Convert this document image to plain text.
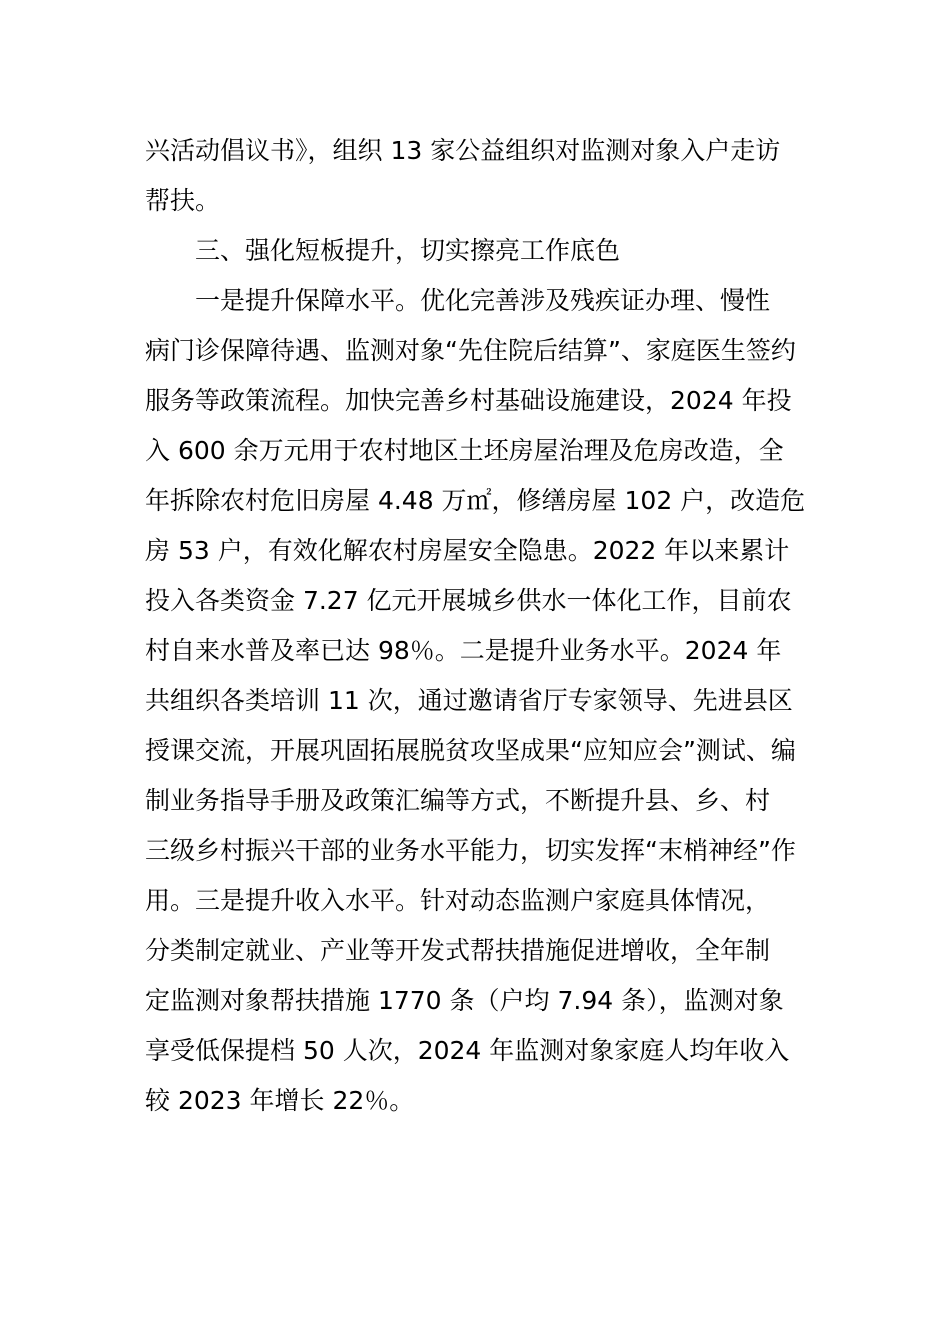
兴活动倡议书》，组织 13 家公益组织对监测对象入户走访
帮扶。
三、强化短板提升，切实擦亮工作底色
一是提升保障水平。优化完善涉及残疾证办理、慢性
病门诊保障待遇、监测对象“先住院后结算”、家庭医生签约
服务等政策流程。加快完善乡村基础设施建设，2024 年投
入 600 余万元用于农村地区土坯房屋治理及危房改造，全
年拆除农村危旧房屋 4.48 万㎡，修缮房屋 102 户，改造危
房 53 户，有效化解农村房屋安全隐患。2022 年以来累计
投入各类资金 7.27 亿元开展城乡供水一体化工作，目前农
村自来水普及率已达 98％。二是提升业务水平。2024 年
共组织各类培训 11 次，通过邀请省厅专家领导、先进县区
授课交流，开展巩固拓展脱贫攻坚成果“应知应会”测试、编
制业务指导手册及政策汇编等方式，不断提升县、乡、村
三级乡村振兴干部的业务水平能力，切实发挥“末梢神经”作
用。三是提升收入水平。针对动态监测户家庭具体情况，
分类制定就业、产业等开发式帮扶措施促进增收，全年制
定监测对象帮扶措施 1770 条（户均 7.94 条），监测对象
享受低保提档 50 人次，2024 年监测对象家庭人均年收入
较 2023 年增长 22％。
